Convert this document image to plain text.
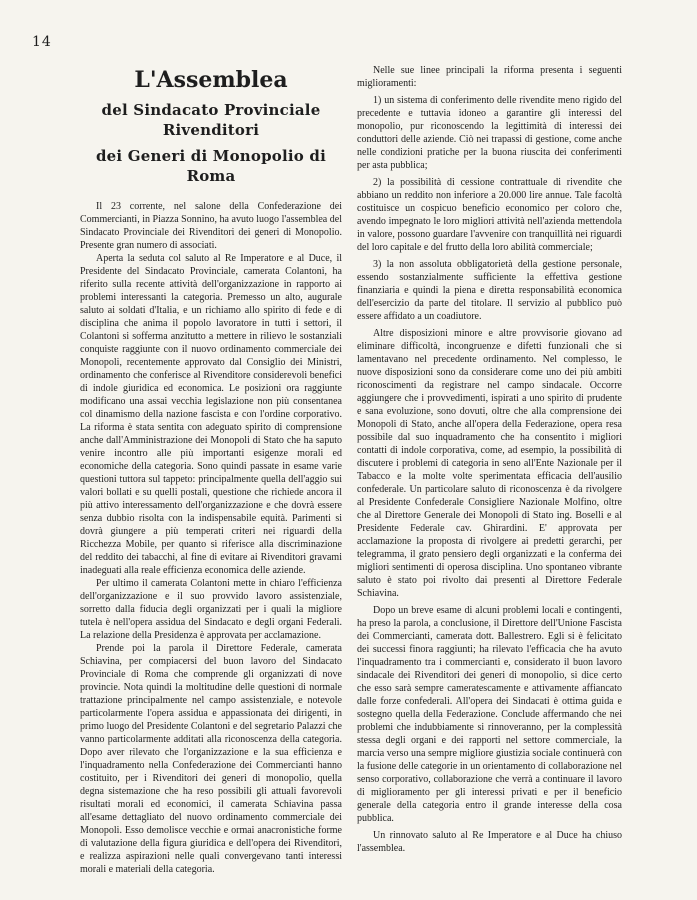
14
L'Assemblea
del Sindacato Provinciale Rivenditori
dei Generi di Monopolio di Roma

Il 23 corrente, nel salone della Confederazione dei Commercianti, in Piazza Sonnino, ha avuto luogo l'assemblea del Sindacato Provinciale dei Rivenditori dei generi di Monopolio. Presente gran numero di associati.

Aperta la seduta col saluto al Re Imperatore e al Duce, il Presidente del Sindacato Provinciale, camerata Colantoni, ha riferito sulla recente attività dell'organizzazione in rapporto ai problemi interessanti la categoria. Premesso un alto, augurale saluto ai soldati d'Italia, e un richiamo allo spirito di fede e di disciplina che anima il popolo lavoratore in tutti i settori, il Colantoni si sofferma anzitutto a mettere in rilievo le sostanziali conquiste raggiunte con il nuovo ordinamento commerciale dei Monopoli, recentemente approvato dal Consiglio dei Ministri, ordinamento che conferisce al Rivenditore considerevoli benefici di indole giuridica ed economica. Le posizioni ora raggiunte modificano una assai vecchia legislazione non più consentanea col dinamismo della nazione fascista e con l'ordine corporativo. La riforma è stata sentita con adeguato spirito di comprensione anche dall'Amministrazione dei Monopoli di Stato che ha saputo venire incontro alle più importanti esigenze morali ed economiche della categoria. Sono quindi passate in esame varie questioni tuttora sul tappeto: principalmente quella dell'aggio sui valori bollati e su quelli postali, questione che richiede ancora il più attivo interessamento dell'organizzazione e che dovrà essere senza dubbio risolta con la indispensabile equità. Parimenti si dovrà giungere a più temperati criteri nei riguardi della Ricchezza Mobile, per quanto si riferisce alla discriminazione del reddito dei tabacchi, al fine di evitare ai Rivenditori gravami inadeguati alla reale efficienza economica delle aziende.

Per ultimo il camerata Colantoni mette in chiaro l'efficienza dell'organizzazione e il suo provvido lavoro assistenziale, sorretto dalla fiducia degli organizzati per i quali la migliore tutela è nell'opera assidua del Sindacato e degli organi Federali. La relazione della Presidenza è approvata per acclamazione.

Prende poi la parola il Direttore Federale, camerata Schiavina, per compiacersi del buon lavoro del Sindacato Provinciale di Roma che comprende gli organizzati di nove provincie. Nota quindi la moltitudine delle questioni di normale trattazione principalmente nel campo assistenziale, e notevole particolarmente l'opera assidua e appassionata dei dirigenti, in primo luogo del Presidente Colantoni e del segretario Palazzi che vanno particolarmente additati alla riconoscenza della categoria. Dopo aver rilevato che l'organizzazione e la sua efficienza e l'inquadramento nella Confederazione dei Commercianti hanno costituito, per i Rivenditori dei generi di monopolio, quella degna sistemazione che ha reso possibili gli attuali favorevoli risultati morali ed economici, il camerata Schiavina passa all'esame dettagliato del nuovo ordinamento commerciale dei Monopoli. Esso demolisce vecchie e ormai anacronistiche forme di valutazione della figura giuridica e dell'opera dei Rivenditori, e realizza aspirazioni nelle quali convergevano tanti interessi morali e materiali della categoria.

Nelle sue linee principali la riforma presenta i seguenti miglioramenti:

1) un sistema di conferimento delle rivendite meno rigido del precedente e tuttavia idoneo a garantire gli interessi del monopolio, pur riconoscendo la legittimità di interessi dei conduttori delle aziende. Ciò nei trapassi di gestione, come anche nelle condizioni pratiche per la buona riuscita dei conferimenti per asta pubblica;

2) la possibilità di cessione contrattuale di rivendite che abbiano un reddito non inferiore a 20.000 lire annue. Tale facoltà costituisce un cospicuo beneficio economico per coloro che, avendo impegnato le loro migliori attività nell'azienda mettendola in valore, possono guardare l'avvenire con tranquillità nei riguardi del loro capitale e del frutto della loro abilità commerciale;

3) la non assoluta obbligatorietà della gestione personale, essendo sostanzialmente sufficiente la effettiva gestione finanziaria e quindi la piena e diretta responsabilità economica dell'esercizio da parte del titolare. Il servizio al pubblico può essere affidato a un coadiutore.

Altre disposizioni minore e altre provvisorie giovano ad eliminare difficoltà, incongruenze e difetti funzionali che si lamentavano nel precedente ordinamento. Nel complesso, le nuove disposizioni sono da considerare come uno dei più ambiti riconoscimenti da registrare nel campo sindacale. Occorre aggiungere che i provvedimenti, ispirati a uno spirito di prudente e sana evoluzione, sono dovuti, oltre che alla comprensione dei Monopoli di Stato, anche all'opera della Federazione, opera resa possibile dal suo inquadramento che ha consentito i migliori contatti di indole corporativa, come, ad esempio, la possibilità di discutere i problemi di categoria in seno all'Ente Nazionale per il Tabacco e la molte volte sperimentata efficacia dell'ausilio confederale. Un particolare saluto di riconoscenza è da rivolgere al Presidente Confederale Consigliere Nazionale Molfino, oltre che al Direttore Generale dei Monopoli di Stato ing. Boselli e al Presidente Federale cav. Ghirardini. E' approvata per acclamazione la proposta di rivolgere ai predetti gerarchi, per telegramma, il grato pensiero degli organizzati e la conferma dei migliori sentimenti di operosa disciplina. Uno spontaneo vibrante saluto è stato poi rivolto dai presenti al Direttore Federale Schiavina.

Dopo un breve esame di alcuni problemi locali e contingenti, ha preso la parola, a conclusione, il Direttore dell'Unione Fascista dei Commercianti, camerata dott. Ballestrero. Egli si è felicitato dei successi finora raggiunti; ha rilevato l'efficacia che ha avuto l'inquadramento tra i commercianti e, considerato il buon lavoro sindacale dei Rivenditori dei generi di monopolio, si dice certo che esso sarà sempre cameratescamente e attivamente affiancato dalle forze confederali. All'opera dei Sindacati è ottima guida e sostegno quella della Federazione. Conclude affermando che nei problemi che indubbiamente si rinnoveranno, per la complessità stessa degli organi e dei rapporti nel settore commerciale, la marcia verso una sempre migliore giustizia sociale continuerà con la fusione delle categorie in un orientamento di collaborazione nel senso corporativo, collaborazione che verrà a continuare il lavoro di miglioramento per gli interessi privati e per il beneficio generale della categoria entro il grande interesse della cosa pubblica.

Un rinnovato saluto al Re Imperatore e al Duce ha chiuso l'assemblea.
